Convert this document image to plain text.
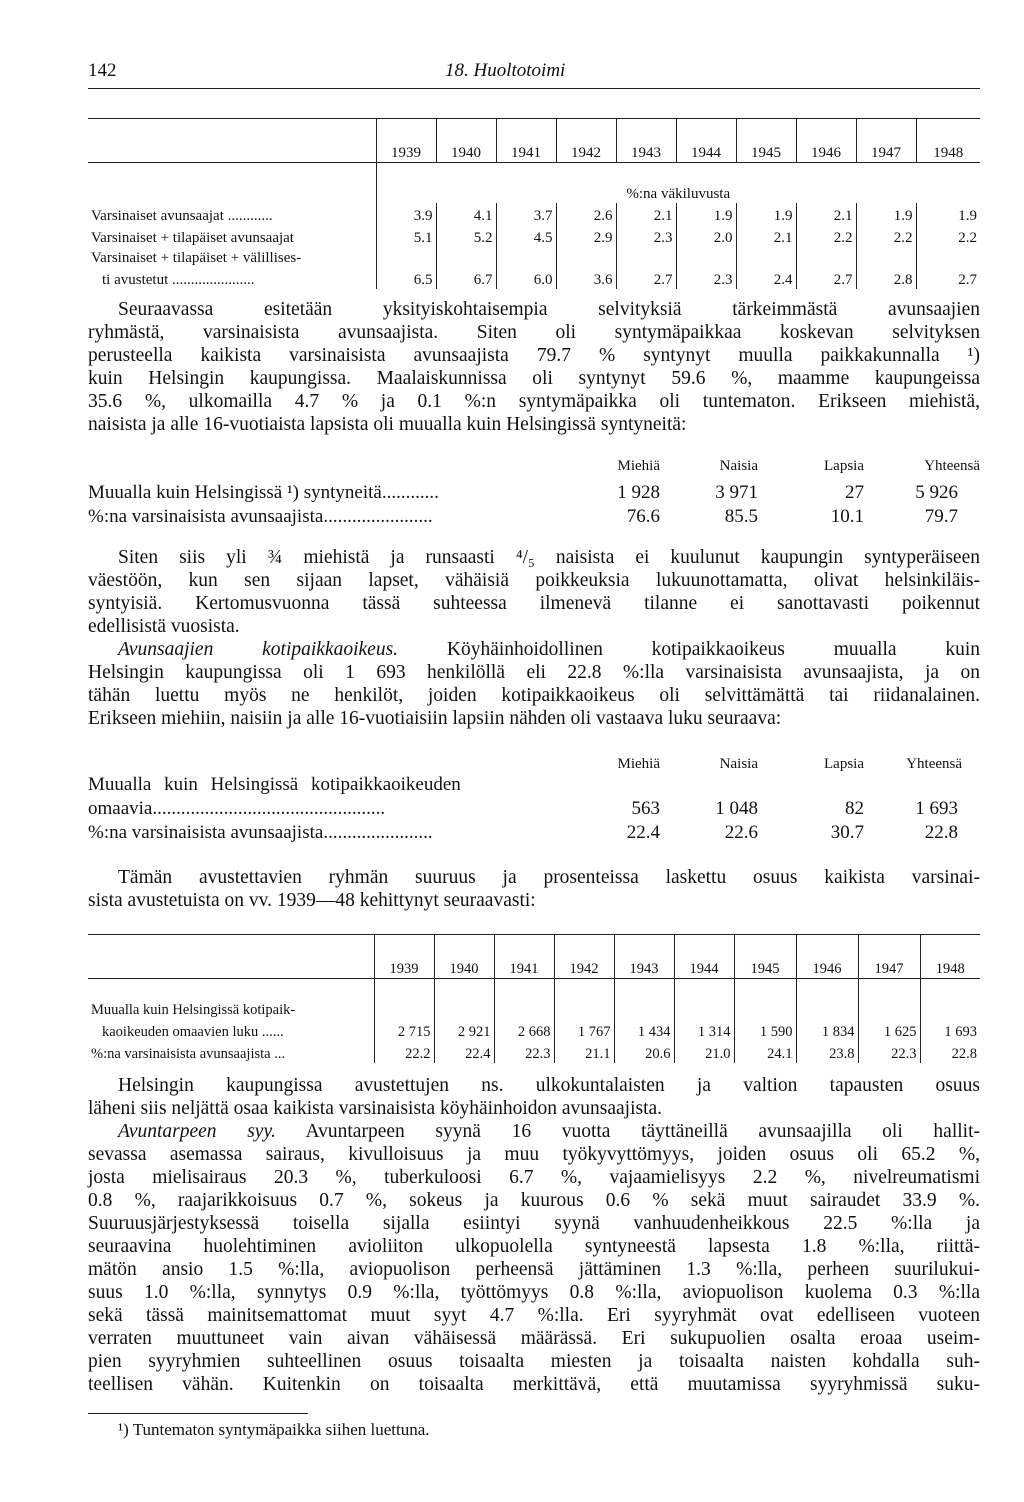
142	18. Huoltotoimi
	1939	1940	1941	1942	1943	1944	1945	1946	1947	1948
	%:na väkiluvusta									
Varsinaiset avunsaajat ............	3.9	4.1	3.7	2.6	2.1	1.9	1.9	2.1	1.9	1.9
Varsinaiset + tilapäiset avunsaajat	5.1	5.2	4.5	2.9	2.3	2.0	2.1	2.2	2.2	2.2
Varsinaiset + tilapäiset + välillises-										
ti avustetut ......................	6.5	6.7	6.0	3.6	2.7	2.3	2.4	2.7	2.8	2.7
Seuraavassa esitetään yksityiskohtaisempia selvityksiä tärkeimmästä avunsaajien
ryhmästä, varsinaisista avunsaajista. Siten oli syntymäpaikkaa koskevan selvityksen
perusteella kaikista varsinaisista avunsaajista 79.7 % syntynyt muulla paikkakunnalla ¹)
kuin Helsingin kaupungissa. Maalaiskunnissa oli syntynyt 59.6 %, maamme kaupungeissa
35.6 %, ulkomailla 4.7 % ja 0.1 %:n syntymäpaikka oli tuntematon. Erikseen miehistä,
naisista ja alle 16-vuotiaista lapsista oli muualla kuin Helsingissä syntyneitä:
Miehiä	Naisia	Lapsia	Yhteensä
Muualla kuin Helsingissä ¹) syntyneitä............	1 928	3 971	27	5 926
%:na varsinaisista avunsaajista.......................	76.6	85.5	10.1	79.7
Siten siis yli ¾ miehistä ja runsaasti ⁴/₅ naisista ei kuulunut kaupungin syntyperäiseen
väestöön, kun sen sijaan lapset, vähäisiä poikkeuksia lukuunottamatta, olivat helsinkiläis-
syntyisiä. Kertomusvuonna tässä suhteessa ilmenevä tilanne ei sanottavasti poikennut
edellisistä vuosista.
Avunsaajien kotipaikkaoikeus. Köyhäinhoidollinen kotipaikkaoikeus muualla kuin
Helsingin kaupungissa oli 1 693 henkilöllä eli 22.8 %:lla varsinaisista avunsaajista, ja on
tähän luettu myös ne henkilöt, joiden kotipaikkaoikeus oli selvittämättä tai riidanalainen.
Erikseen miehiin, naisiin ja alle 16-vuotiaisiin lapsiin nähden oli vastaava luku seuraava:
Miehiä	Naisia	Lapsia	Yhteensä
Muualla kuin Helsingissä kotipaikkaoikeuden
omaavia.................................................	563	1 048	82	1 693
%:na varsinaisista avunsaajista.......................	22.4	22.6	30.7	22.8
Tämän avustettavien ryhmän suuruus ja prosenteissa laskettu osuus kaikista varsinai-
sista avustetuista on vv. 1939—48 kehittynyt seuraavasti:
	1939	1940	1941	1942	1943	1944	1945	1946	1947	1948
Muualla kuin Helsingissä kotipaik-										
kaoikeuden omaavien luku ......	2 715	2 921	2 668	1 767	1 434	1 314	1 590	1 834	1 625	1 693
%:na varsinaisista avunsaajista ...	22.2	22.4	22.3	21.1	20.6	21.0	24.1	23.8	22.3	22.8
Helsingin kaupungissa avustettujen ns. ulkokuntalaisten ja valtion tapausten osuus
läheni siis neljättä osaa kaikista varsinaisista köyhäinhoidon avunsaajista.
Avuntarpeen syy. Avuntarpeen syynä 16 vuotta täyttäneillä avunsaajilla oli hallit-
sevassa asemassa sairaus, kivulloisuus ja muu työkyvyttömyys, joiden osuus oli 65.2 %,
josta mielisairaus 20.3 %, tuberkuloosi 6.7 %, vajaamielisyys 2.2 %, nivelreumatismi
0.8 %, raajarikkoisuus 0.7 %, sokeus ja kuurous 0.6 % sekä muut sairaudet 33.9 %.
Suuruusjärjestyksessä toisella sijalla esiintyi syynä vanhuudenheikkous 22.5 %:lla ja
seuraavina huolehtiminen avioliiton ulkopuolella syntyneestä lapsesta 1.8 %:lla, riittä-
mätön ansio 1.5 %:lla, aviopuolison perheensä jättäminen 1.3 %:lla, perheen suurilukui-
suus 1.0 %:lla, synnytys 0.9 %:lla, työttömyys 0.8 %:lla, aviopuolison kuolema 0.3 %:lla
sekä tässä mainitsemattomat muut syyt 4.7 %:lla. Eri syyryhmät ovat edelliseen vuoteen
verraten muuttuneet vain aivan vähäisessä määrässä. Eri sukupuolien osalta eroaa useim-
pien syyryhmien suhteellinen osuus toisaalta miesten ja toisaalta naisten kohdalla suh-
teellisen vähän. Kuitenkin on toisaalta merkittävä, että muutamissa syyryhmissä suku-
¹) Tuntematon syntymäpaikka siihen luettuna.
